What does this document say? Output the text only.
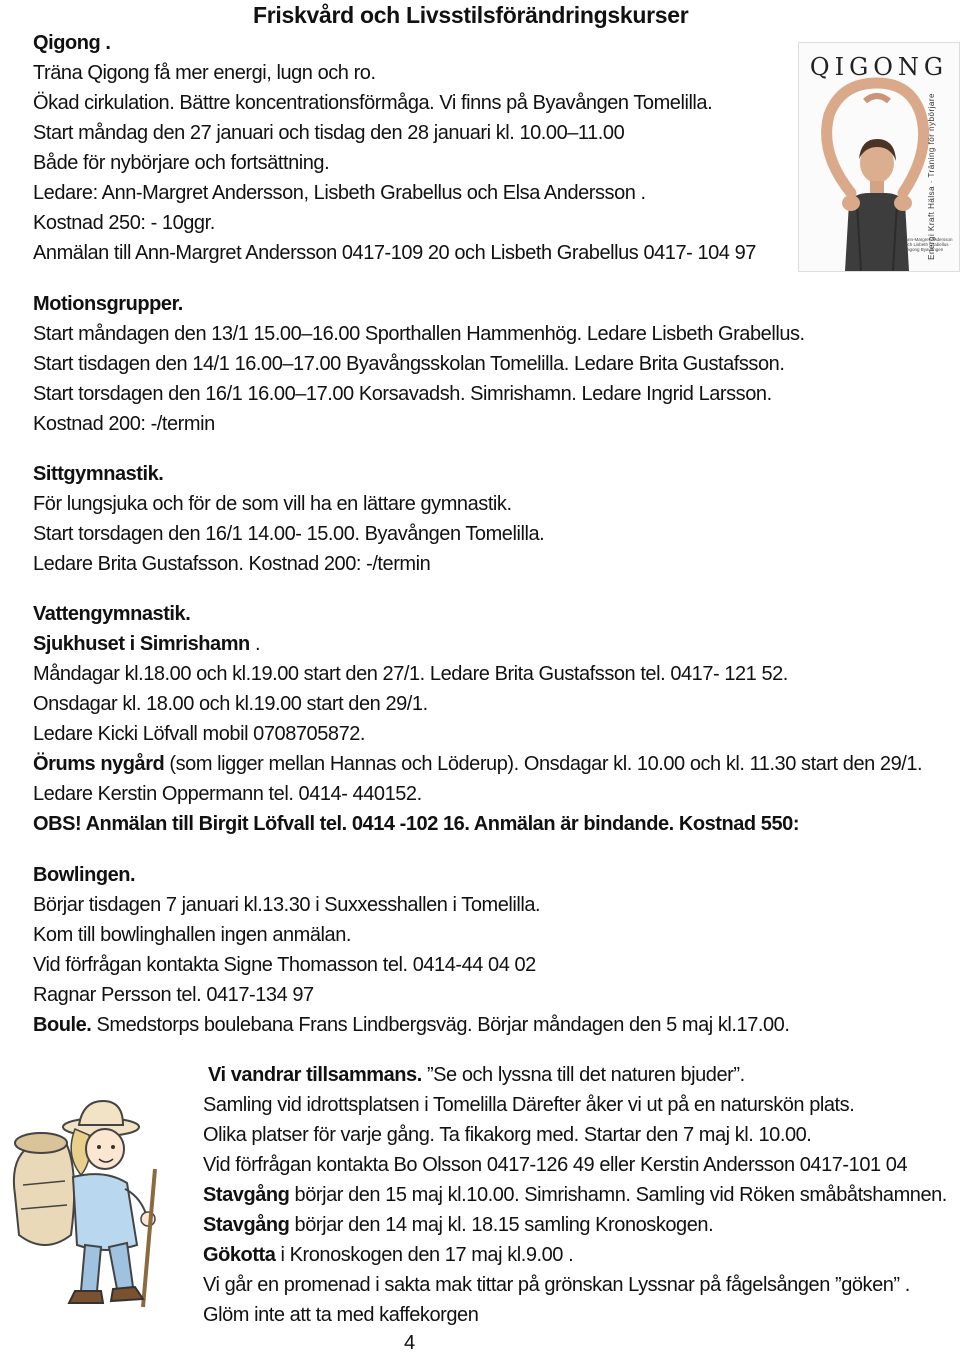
Friskvård och Livsstilsförändringskurser
Qigong .
Träna Qigong få mer energi, lugn och ro.
Ökad cirkulation. Bättre koncentrationsförmåga. Vi finns på Byavången Tomelilla.
Start måndag den 27 januari och tisdag den 28 januari kl. 10.00–11.00
Både för nybörjare och fortsättning.
Ledare: Ann-Margret Andersson, Lisbeth Grabellus och Elsa Andersson .
Kostnad 250: - 10ggr.
Anmälan till Ann-Margret Andersson 0417-109 20 och Lisbeth Grabellus 0417- 104 97
QIGONG
Energi Kraft Hälsa · Träning för nybörjare
Ann-Margret Andersson och Lisbeth Grabellus · Qigong Byavången
Motionsgrupper.
Start måndagen den 13/1 15.00–16.00 Sporthallen Hammenhög. Ledare Lisbeth Grabellus.
Start tisdagen den 14/1 16.00–17.00 Byavångsskolan Tomelilla. Ledare Brita Gustafsson.
Start torsdagen den 16/1 16.00–17.00 Korsavadsh. Simrishamn. Ledare Ingrid Larsson.
Kostnad 200: -/termin
Sittgymnastik.
För lungsjuka och för de som vill ha en lättare gymnastik.
Start torsdagen den 16/1 14.00- 15.00. Byavången Tomelilla.
Ledare Brita Gustafsson. Kostnad 200: -/termin
Vattengymnastik.
Sjukhuset i Simrishamn .
Måndagar kl.18.00 och kl.19.00 start den 27/1. Ledare Brita Gustafsson tel. 0417- 121 52.
Onsdagar kl. 18.00 och kl.19.00 start den 29/1.
Ledare Kicki Löfvall mobil 0708705872.
Örums nygård (som ligger mellan Hannas och Löderup). Onsdagar kl. 10.00 och kl. 11.30 start den 29/1.
Ledare Kerstin Oppermann tel. 0414- 440152.
OBS! Anmälan till Birgit Löfvall tel. 0414 -102 16. Anmälan är bindande. Kostnad 550:
Bowlingen.
Börjar tisdagen 7 januari kl.13.30 i Suxxesshallen i Tomelilla.
Kom till bowlinghallen ingen anmälan.
Vid förfrågan kontakta Signe Thomasson tel. 0414-44 04 02
Ragnar Persson tel. 0417-134 97
Boule. Smedstorps boulebana Frans Lindbergsväg. Börjar måndagen den 5 maj kl.17.00.
Vi vandrar tillsammans. ”Se och lyssna till det naturen bjuder”.
Samling vid idrottsplatsen i Tomelilla Därefter åker vi ut på en naturskön plats.
Olika platser för varje gång. Ta fikakorg med. Startar den 7 maj kl. 10.00.
Vid förfrågan kontakta Bo Olsson 0417-126 49 eller Kerstin Andersson 0417-101 04
Stavgång börjar den 15 maj kl.10.00. Simrishamn. Samling vid Röken småbåtshamnen.
Stavgång börjar den 14 maj kl. 18.15 samling Kronoskogen.
Gökotta i Kronoskogen den 17 maj kl.9.00 .
Vi går en promenad i sakta mak tittar på grönskan Lyssnar på fågelsången ”göken” .
Glöm inte att ta med kaffekorgen
4
